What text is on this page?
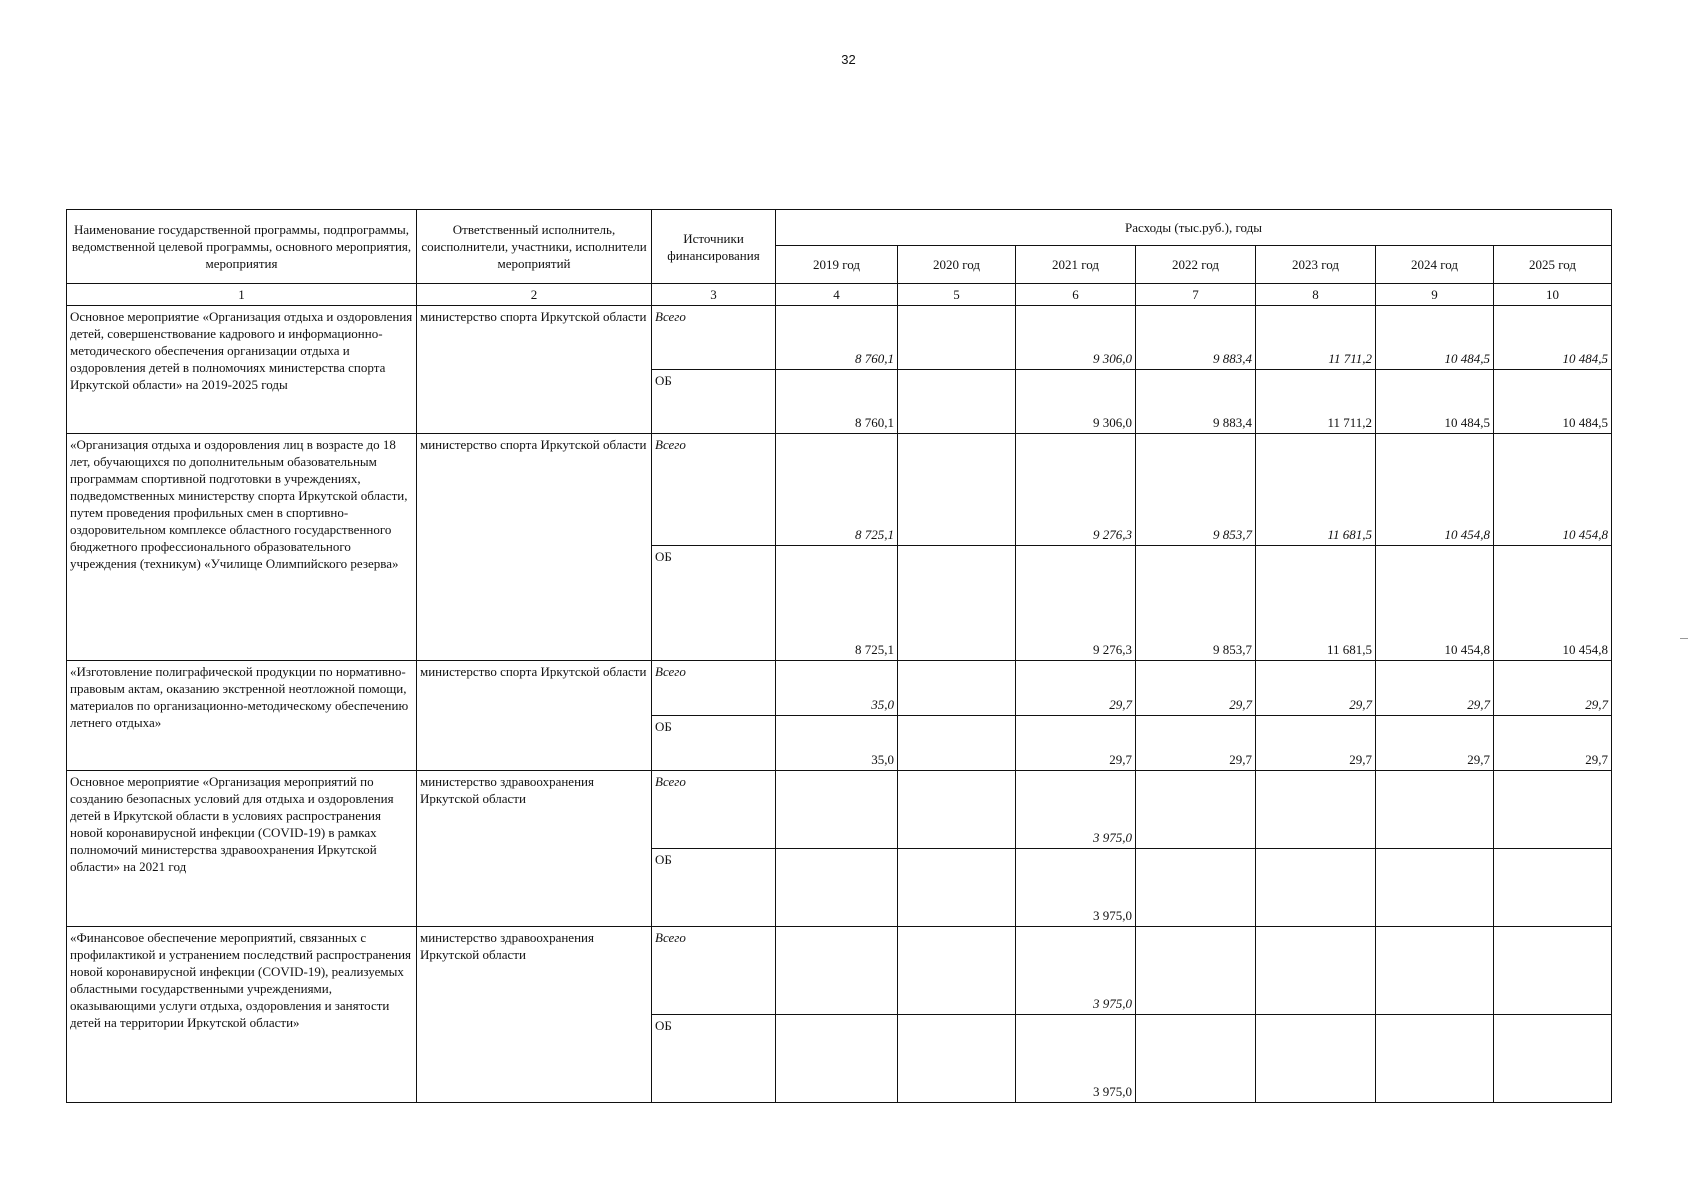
32
Наименование государственной программы, подпрограммы, ведомственной целевой программы, основного мероприятия, мероприятия	Ответственный исполнитель, соисполнители, участники, исполнители мероприятий	Источники финансирования	Расходы (тыс.руб.), годы						
			2019 год	2020 год	2021 год	2022 год	2023 год	2024 год	2025 год
1	2	3	4	5	6	7	8	9	10
Основное мероприятие «Организация отдыха и оздоровления детей, совершенствование кадрового и информационно-методического обеспечения организации отдыха и оздоровления детей в полномочиях министерства спорта Иркутской области» на 2019-2025 годы	министерство спорта Иркутской области	Всего	8 760,1		9 306,0	9 883,4	11 711,2	10 484,5	10 484,5
		ОБ	8 760,1		9 306,0	9 883,4	11 711,2	10 484,5	10 484,5
«Организация отдыха и оздоровления лиц в возрасте до 18 лет, обучающихся по дополнительным обазовательным программам спортивной подготовки в учреждениях, подведомственных министерству спорта Иркутской области, путем проведения профильных смен в спортивно-оздоровительном комплексе областного государственного бюджетного профессионального образовательного учреждения (техникум) «Училище Олимпийского резерва»	министерство спорта Иркутской области	Всего	8 725,1		9 276,3	9 853,7	11 681,5	10 454,8	10 454,8
		ОБ	8 725,1		9 276,3	9 853,7	11 681,5	10 454,8	10 454,8
«Изготовление полиграфической продукции по нормативно-правовым актам, оказанию экстренной неотложной помощи, материалов по организационно-методическому обеспечению летнего отдыха»	министерство спорта Иркутской области	Всего	35,0		29,7	29,7	29,7	29,7	29,7
		ОБ	35,0		29,7	29,7	29,7	29,7	29,7
Основное мероприятие «Организация мероприятий по созданию безопасных условий для отдыха и оздоровления детей в Иркутской области в условиях распространения новой коронавирусной инфекции (COVID-19) в рамках полномочий министерства здравоохранения Иркутской области» на 2021 год	министерство здравоохранения Иркутской области	Всего			3 975,0				
		ОБ			3 975,0				
«Финансовое обеспечение мероприятий, связанных с профилактикой и устранением последствий распространения новой коронавирусной инфекции (COVID-19), реализуемых областными государственными учреждениями, оказывающими услуги отдыха, оздоровления и занятости детей на территории Иркутской области»	министерство здравоохранения Иркутской области	Всего			3 975,0				
		ОБ			3 975,0				
